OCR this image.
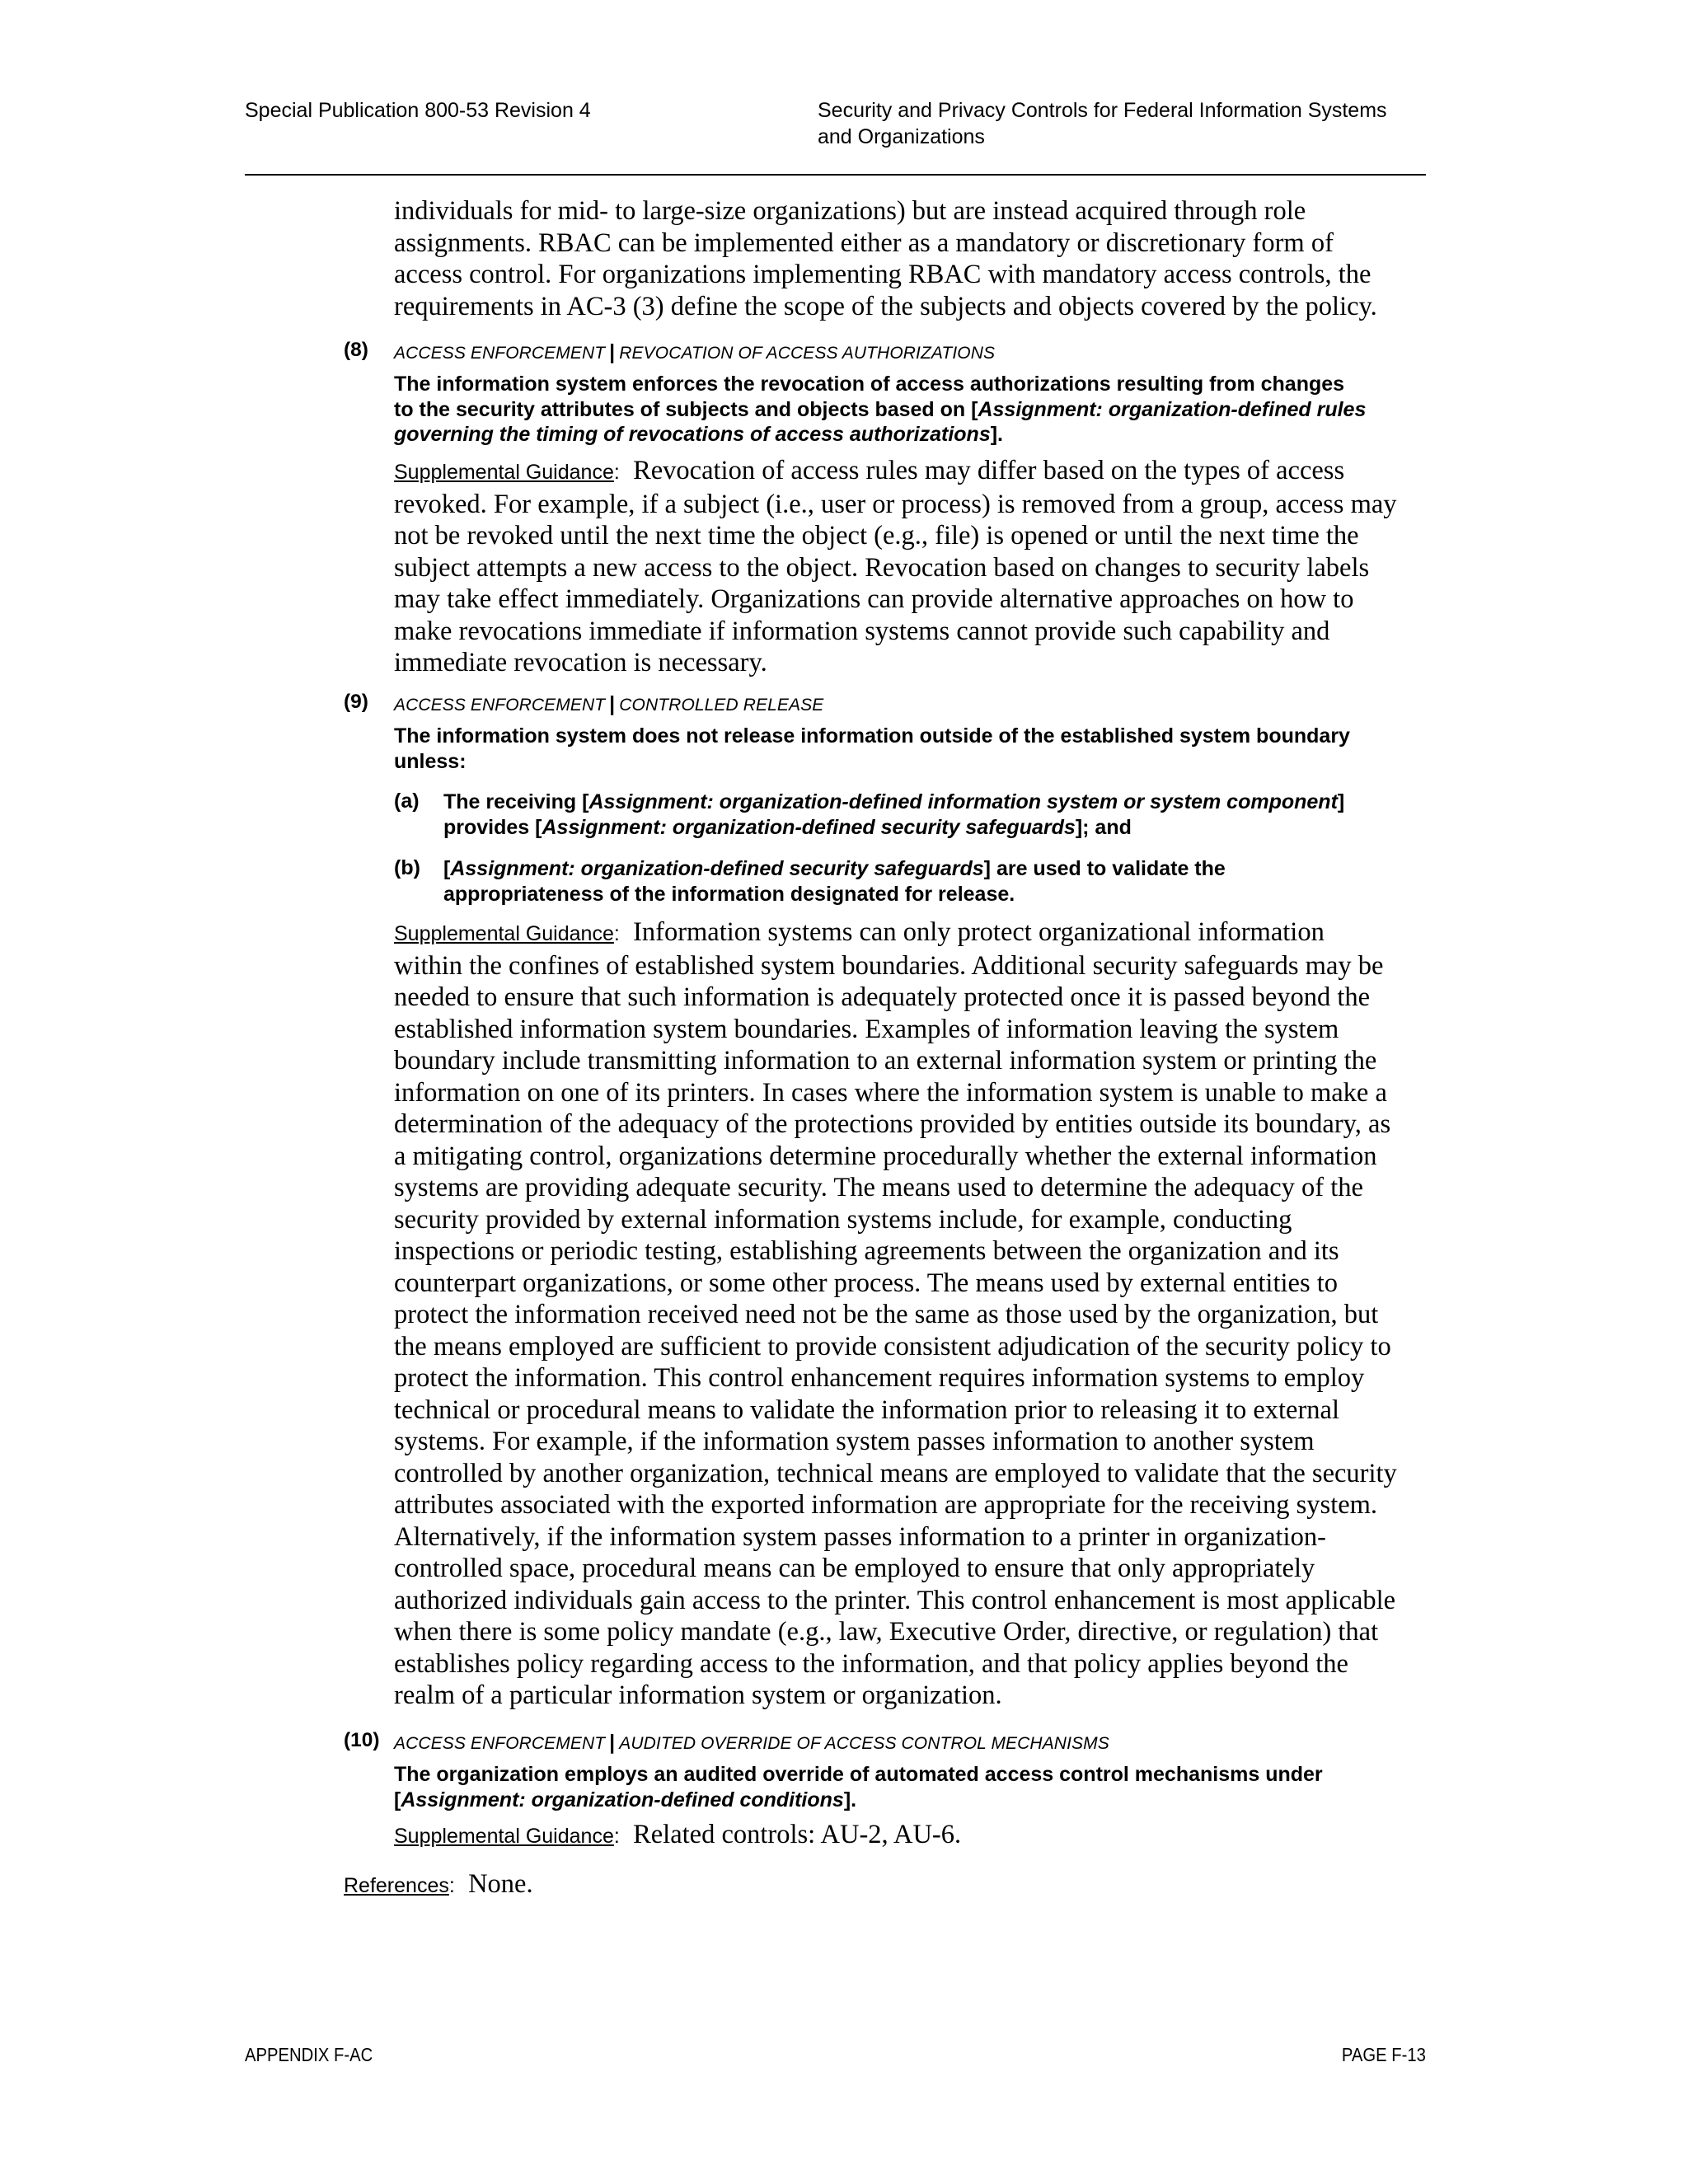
Special Publication 800-53 Revision 4	Security and Privacy Controls for Federal Information Systems
and Organizations
individuals for mid- to large-size organizations) but are instead acquired through role
assignments. RBAC can be implemented either as a mandatory or discretionary form of
access control. For organizations implementing RBAC with mandatory access controls, the
requirements in AC-3 (3) define the scope of the subjects and objects covered by the policy.
(8) ACCESS ENFORCEMENT | REVOCATION OF ACCESS AUTHORIZATIONS
The information system enforces the revocation of access authorizations resulting from changes
to the security attributes of subjects and objects based on [Assignment: organization-defined rules
governing the timing of revocations of access authorizations].
Supplemental Guidance: Revocation of access rules may differ based on the types of access
revoked. For example, if a subject (i.e., user or process) is removed from a group, access may
not be revoked until the next time the object (e.g., file) is opened or until the next time the
subject attempts a new access to the object. Revocation based on changes to security labels
may take effect immediately. Organizations can provide alternative approaches on how to
make revocations immediate if information systems cannot provide such capability and
immediate revocation is necessary.
(9) ACCESS ENFORCEMENT | CONTROLLED RELEASE
The information system does not release information outside of the established system boundary
unless:
(a) The receiving [Assignment: organization-defined information system or system component]
provides [Assignment: organization-defined security safeguards]; and
(b) [Assignment: organization-defined security safeguards] are used to validate the
appropriateness of the information designated for release.
Supplemental Guidance: Information systems can only protect organizational information
within the confines of established system boundaries. Additional security safeguards may be
needed to ensure that such information is adequately protected once it is passed beyond the
established information system boundaries. Examples of information leaving the system
boundary include transmitting information to an external information system or printing the
information on one of its printers. In cases where the information system is unable to make a
determination of the adequacy of the protections provided by entities outside its boundary, as
a mitigating control, organizations determine procedurally whether the external information
systems are providing adequate security. The means used to determine the adequacy of the
security provided by external information systems include, for example, conducting
inspections or periodic testing, establishing agreements between the organization and its
counterpart organizations, or some other process. The means used by external entities to
protect the information received need not be the same as those used by the organization, but
the means employed are sufficient to provide consistent adjudication of the security policy to
protect the information. This control enhancement requires information systems to employ
technical or procedural means to validate the information prior to releasing it to external
systems. For example, if the information system passes information to another system
controlled by another organization, technical means are employed to validate that the security
attributes associated with the exported information are appropriate for the receiving system.
Alternatively, if the information system passes information to a printer in organization-
controlled space, procedural means can be employed to ensure that only appropriately
authorized individuals gain access to the printer. This control enhancement is most applicable
when there is some policy mandate (e.g., law, Executive Order, directive, or regulation) that
establishes policy regarding access to the information, and that policy applies beyond the
realm of a particular information system or organization.
(10) ACCESS ENFORCEMENT | AUDITED OVERRIDE OF ACCESS CONTROL MECHANISMS
The organization employs an audited override of automated access control mechanisms under
[Assignment: organization-defined conditions].
Supplemental Guidance: Related controls: AU-2, AU-6.
References: None.
APPENDIX F-AC	PAGE F-13
